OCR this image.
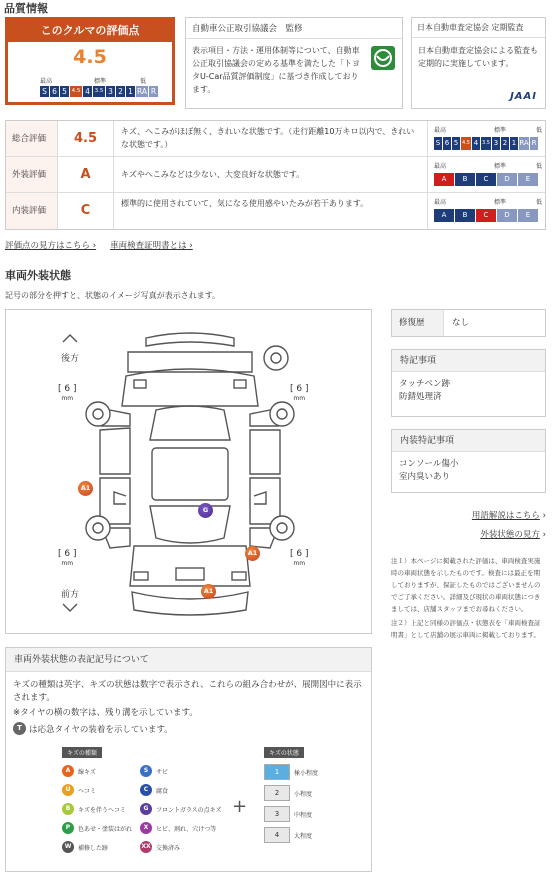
品質情報
このクルマの評価点
4.5
最高	標準	低
S 6 5 4.5 4 3.5 3 2 1 RA R
自動車公正取引協議会　監修
表示項目・方法・運用体制等について、自動車公正取引協議会の定める基準を満たした「トヨタU-Car品質評価制度」に基づき作成しております。
日本自動車査定協会 定期監査
日本自動車査定協会による監査も定期的に実施しています。
JAAI
総合評価	4.5	キズ、へこみがほぼ無く、きれいな状態です。（走行距離10万キロ以内で、きれいな状態です。）
最高	標準	低
S 6 5 4.5 4 3.5 3 2 1 RA R
外装評価	A	キズやへこみなどは少ない、大変良好な状態です。
最高	標準	低
A	B	C	D	E
内装評価	C	標準的に使用されていて、気になる使用感やいたみが若干あります。	最高	標準	低
A	B	C	D	E
評価点の見方はこちら › 車両検査証明書とは ›
車両外装状態
記号の部分を押すと、状態のイメージ写真が表示されます。
後方
前方
[ 6 ]
mm
[ 6 ]
mm
[ 6 ]
mm
[ 6 ]
mm
A1
G
A1
A1
修復歴	なし
特記事項
タッチペン跡
防錆処理済
内装特記事項
コンソール傷小
室内臭いあり
用語解説はこちら ›
外装状態の見方 ›
注１）本ページに掲載された評価は、車両検査実施時の車両状態を示したものです。検査には最正を期しておりますが、保証したものではございませんのでご了承ください。詳細及び現状の車両状態につきましては、店舗スタッフまでお尋ねください。
注２）上記と同様の評価点・状態表を「車両検査証明書」として店舗の展示車両に掲載しております。
車両外装状態の表記記号について
キズの種類は英字、キズの状態は数字で表示され、これらの組み合わせが、展開図中に表示されます。
※タイヤの横の数字は、残り溝を示しています。
T は応急タイヤの装着を示しています。
キズの種類
A	線キズ
U	ヘコミ
B	キズを伴うヘコミ
P	色あせ・塗装はがれ
W	補修した跡
S	サビ
C	腐食
G	フロントガラスの点キズ
X	ヒビ、割れ、穴けつ等
XX 交換済み
+
キズの状態
1	極小程度
2	小程度
3	中程度
4	大程度
